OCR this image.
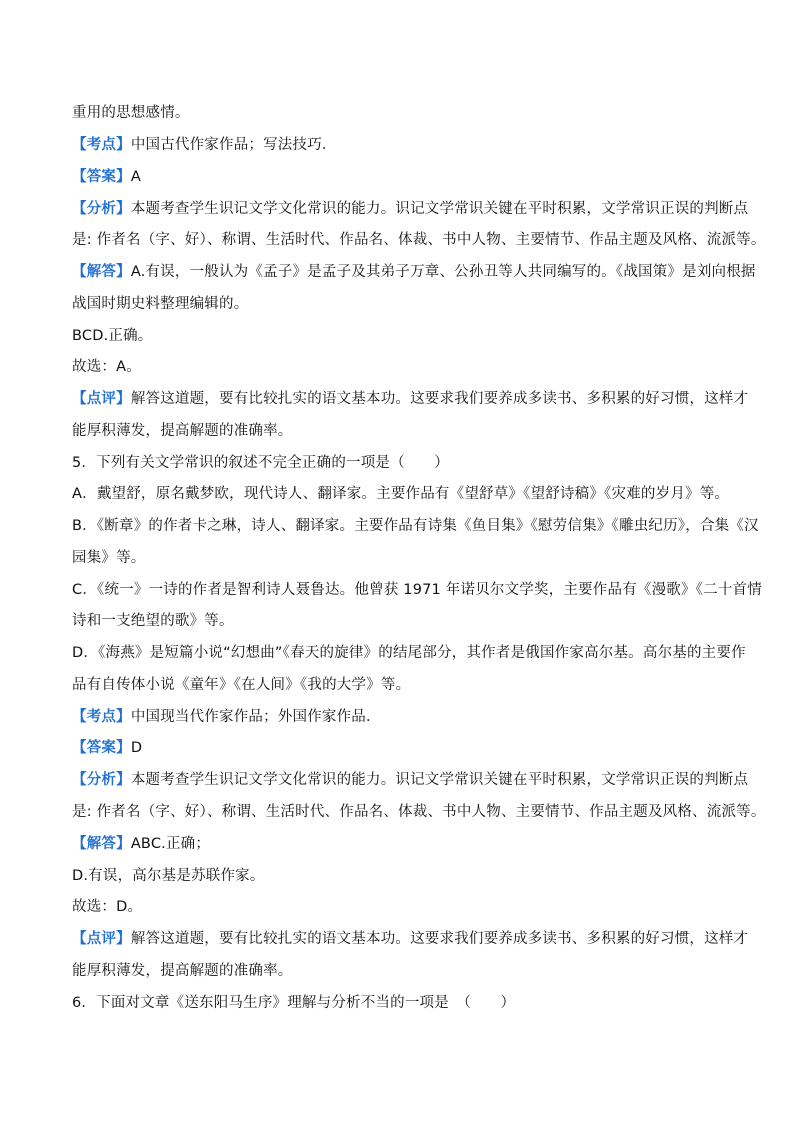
重用的思想感情。
【考点】中国古代作家作品；写法技巧．
【答案】A
【分析】本题考查学生识记文学文化常识的能力。识记文学常识关键在平时积累，文学常识正误的判断点
是: 作者名（字、好）、称谓、生活时代、作品名、体裁、书中人物、主要情节、作品主题及风格、流派等。
【解答】A.有误，一般认为《孟子》是孟子及其弟子万章、公孙丑等人共同编写的。《战国策》是刘向根据
战国时期史料整理编辑的。
BCD.正确。
故选：A。
【点评】解答这道题，要有比较扎实的语文基本功。这要求我们要养成多读书、多积累的好习惯，这样才
能厚积薄发，提高解题的准确率。
5．下列有关文学常识的叙述不完全正确的一项是（　　）
A．戴望舒，原名戴梦欧，现代诗人、翻译家。主要作品有《望舒草》《望舒诗稿》《灾难的岁月》等。
B．《断章》的作者卡之琳，诗人、翻译家。主要作品有诗集《鱼目集》《慰劳信集》《雕虫纪历》，合集《汉
园集》等。
C．《统一》一诗的作者是智利诗人聂鲁达。他曾获 1971 年诺贝尔文学奖，主要作品有《漫歌》《二十首情
诗和一支绝望的歌》等。
D．《海燕》是短篇小说“幻想曲”《春天的旋律》的结尾部分，其作者是俄国作家高尔基。高尔基的主要作
品有自传体小说《童年》《在人间》《我的大学》等。
【考点】中国现当代作家作品；外国作家作品．
【答案】D
【分析】本题考查学生识记文学文化常识的能力。识记文学常识关键在平时积累，文学常识正误的判断点
是: 作者名（字、好）、称谓、生活时代、作品名、体裁、书中人物、主要情节、作品主题及风格、流派等。
【解答】ABC.正确；
D.有误，高尔基是苏联作家。
故选：D。
【点评】解答这道题，要有比较扎实的语文基本功。这要求我们要养成多读书、多积累的好习惯，这样才
能厚积薄发，提高解题的准确率。
6．下面对文章《送东阳马生序》理解与分析不当的一项是　（　　）
